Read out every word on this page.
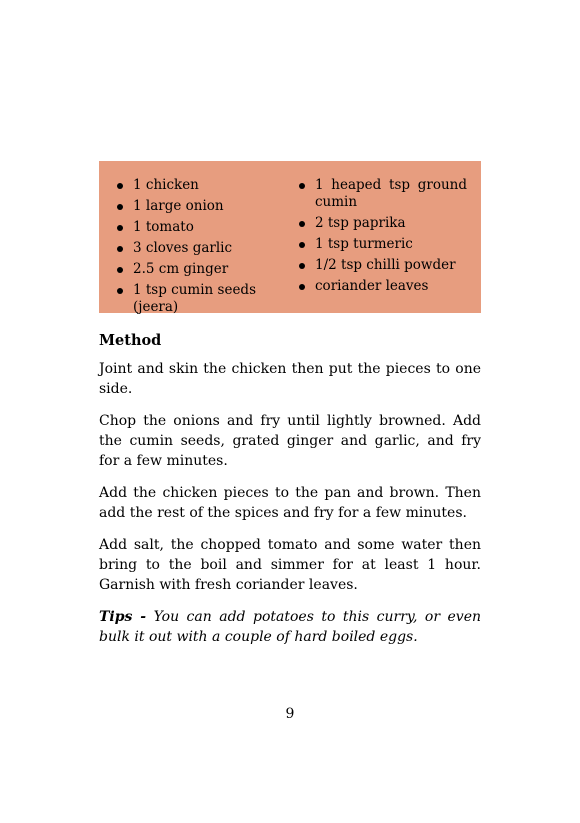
1 chicken
1 large onion
1 tomato
3 cloves garlic
2.5 cm ginger
1 tsp cumin seeds (jeera)
1 heaped tsp ground cumin
2 tsp paprika
1 tsp turmeric
1/2 tsp chilli powder
coriander leaves
Method

Joint and skin the chicken then put the pieces to one side.

Chop the onions and fry until lightly browned. Add the cumin seeds, grated ginger and garlic, and fry for a few minutes.

Add the chicken pieces to the pan and brown. Then add the rest of the spices and fry for a few minutes.

Add salt, the chopped tomato and some water then bring to the boil and simmer for at least 1 hour. Garnish with fresh coriander leaves.

Tips - You can add potatoes to this curry, or even bulk it out with a couple of hard boiled eggs.

9
